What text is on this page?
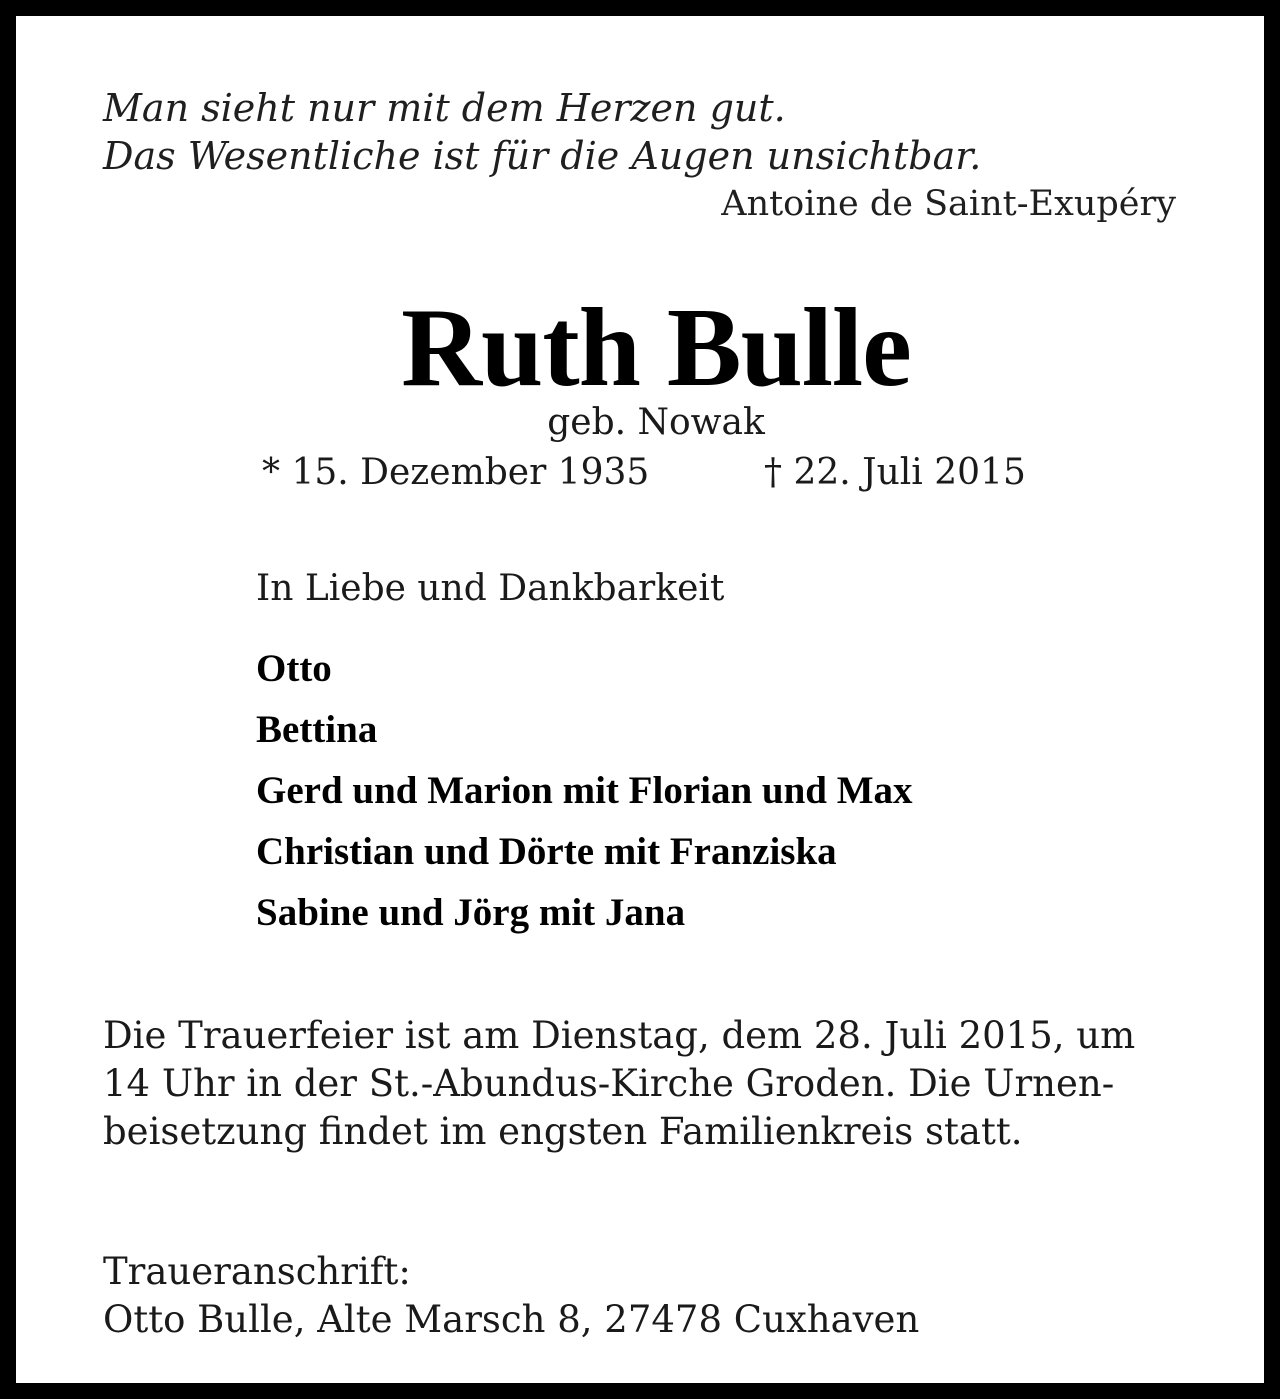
Man sieht nur mit dem Herzen gut.
Das Wesentliche ist für die Augen unsichtbar.
Antoine de Saint-Exupéry
Ruth Bulle
geb. Nowak
* 15. Dezember 1935	† 22. Juli 2015
In Liebe und Dankbarkeit
Otto
Bettina
Gerd und Marion mit Florian und Max
Christian und Dörte mit Franziska
Sabine und Jörg mit Jana
Die Trauerfeier ist am Dienstag, dem 28. Juli 2015, um
14 Uhr in der St.-Abundus-Kirche Groden. Die Urnen-
beisetzung findet im engsten Familienkreis statt.
Traueranschrift:
Otto Bulle, Alte Marsch 8, 27478 Cuxhaven
